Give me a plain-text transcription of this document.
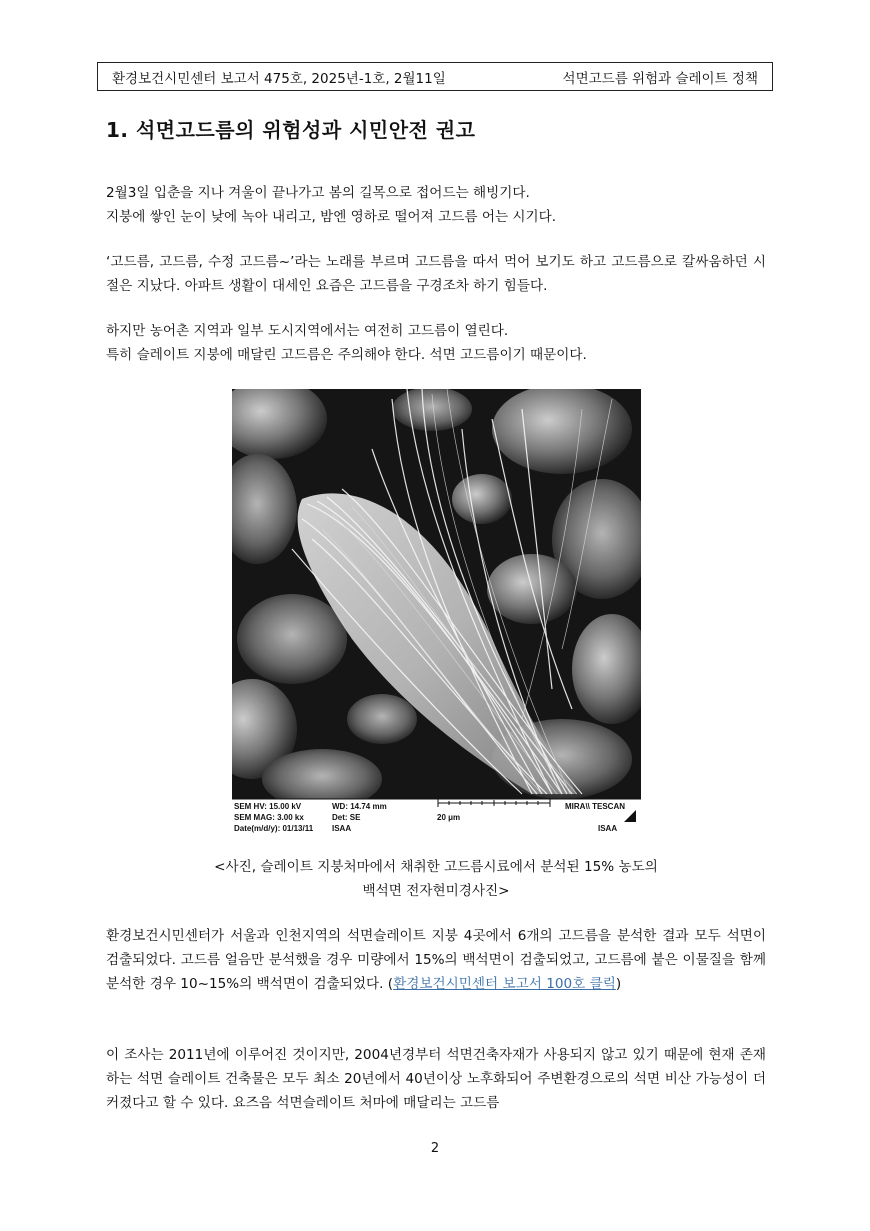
환경보건시민센터 보고서 475호, 2025년-1호, 2월11일	석면고드름 위험과 슬레이트 정책
1. 석면고드름의 위험성과 시민안전 권고

2월3일 입춘을 지나 겨울이 끝나가고 봄의 길목으로 접어드는 해빙기다.
지붕에 쌓인 눈이 낮에 녹아 내리고, 밤엔 영하로 떨어져 고드름 어는 시기다.

‘고드름, 고드름, 수정 고드름~’라는 노래를 부르며 고드름을 따서 먹어 보기도 하고 고드름으로 칼싸움하던 시절은 지났다. 아파트 생활이 대세인 요즘은 고드름을 구경조차 하기 힘들다.

하지만 농어촌 지역과 일부 도시지역에서는 여전히 고드름이 열린다.
특히 슬레이트 지붕에 매달린 고드름은 주의해야 한다. 석면 고드름이기 때문이다.

SEM HV: 15.00 kV	WD: 14.74 mm	MIRA\\ TESCAN
SEM MAG: 3.00 kx	Det: SE	20 μm
Date(m/d/y): 01/13/11 ISAA	ISAA
<사진, 슬레이트 지붕처마에서 채취한 고드름시료에서 분석된 15% 농도의
백석면 전자현미경사진>

환경보건시민센터가 서울과 인천지역의 석면슬레이트 지붕 4곳에서 6개의 고드름을 분석한 결과 모두 석면이 검출되었다. 고드름 얼음만 분석했을 경우 미량에서 15%의 백석면이 검출되었고, 고드름에 붙은 이물질을 함께 분석한 경우 10~15%의 백석면이 검출되었다. (환경보건시민센터 보고서 100호 클릭)

이 조사는 2011년에 이루어진 것이지만, 2004년경부터 석면건축자재가 사용되지 않고 있기 때문에 현재 존재하는 석면 슬레이트 건축물은 모두 최소 20년에서 40년이상 노후화되어 주변환경으로의 석면 비산 가능성이 더 커졌다고 할 수 있다. 요즈음 석면슬레이트 처마에 매달리는 고드름

2
